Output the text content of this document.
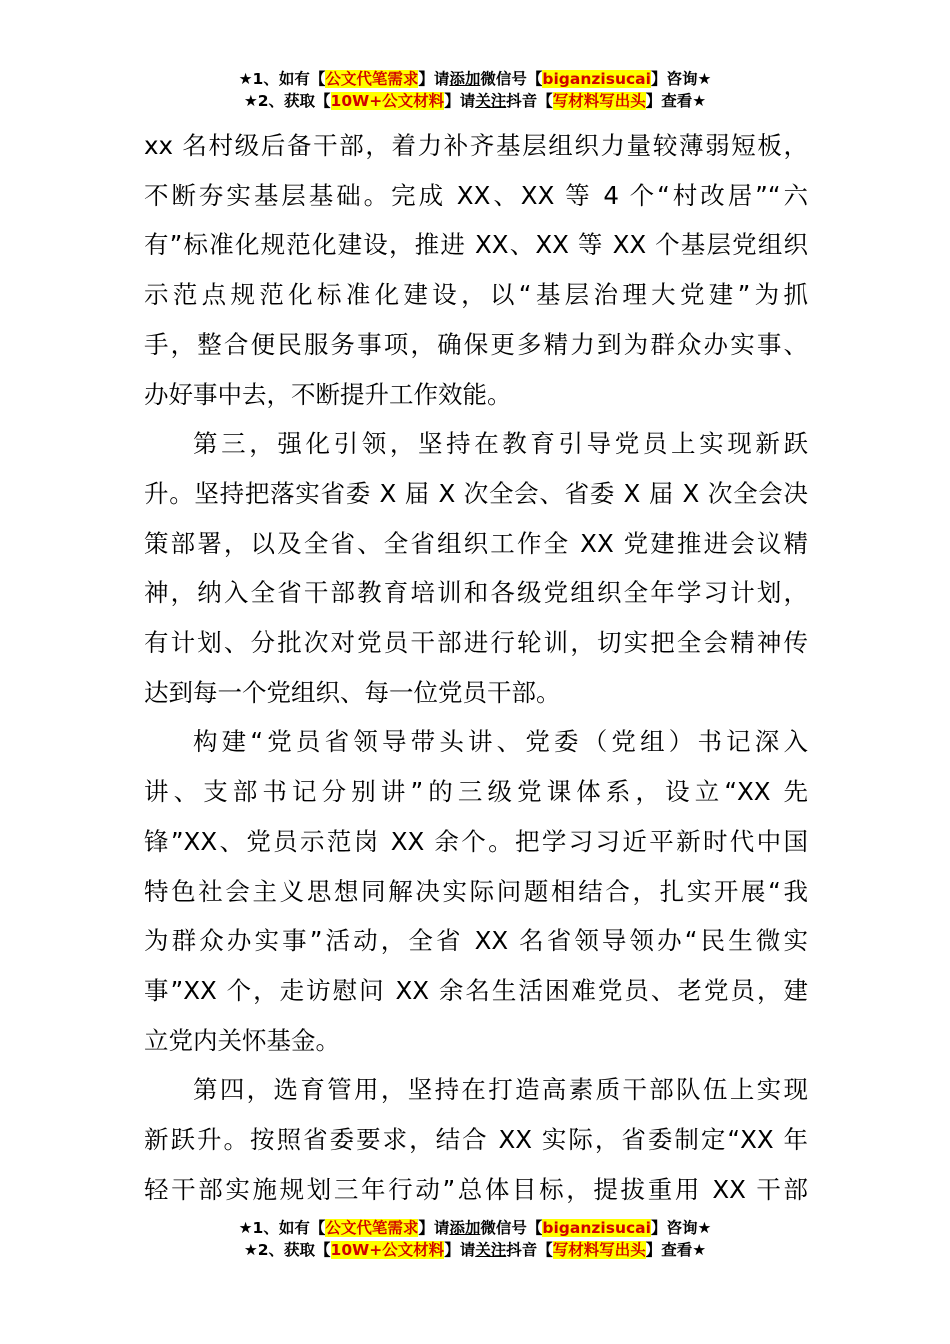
★1、如有【公文代笔需求】请添加微信号【biganzisucai】咨询★
★2、获取【10W+公文材料】请关注抖音【写材料写出头】查看★

xx 名村级后备干部，着力补齐基层组织力量较薄弱短板，
不断夯实基层基础。完成 XX、XX 等 4 个“村改居”“六
有”标准化规范化建设，推进 XX、XX 等 XX 个基层党组织
示范点规范化标准化建设，以“基层治理大党建”为抓
手，整合便民服务事项，确保更多精力到为群众办实事、
办好事中去，不断提升工作效能。

第三，强化引领，坚持在教育引导党员上实现新跃
升。坚持把落实省委 X 届 X 次全会、省委 X 届 X 次全会决
策部署，以及全省、全省组织工作全 XX 党建推进会议精
神，纳入全省干部教育培训和各级党组织全年学习计划，
有计划、分批次对党员干部进行轮训，切实把全会精神传
达到每一个党组织、每一位党员干部。

构建“党员省领导带头讲、党委（党组）书记深入
讲、支部书记分别讲”的三级党课体系，设立“XX 先
锋”XX、党员示范岗 XX 余个。把学习习近平新时代中国
特色社会主义思想同解决实际问题相结合，扎实开展“我
为群众办实事”活动，全省 XX 名省领导领办“民生微实
事”XX 个，走访慰问 XX 余名生活困难党员、老党员，建
立党内关怀基金。

第四，选育管用，坚持在打造高素质干部队伍上实现
新跃升。按照省委要求，结合 XX 实际，省委制定“XX 年
轻干部实施规划三年行动”总体目标，提拔重用 XX 干部

★1、如有【公文代笔需求】请添加微信号【biganzisucai】咨询★
★2、获取【10W+公文材料】请关注抖音【写材料写出头】查看★
